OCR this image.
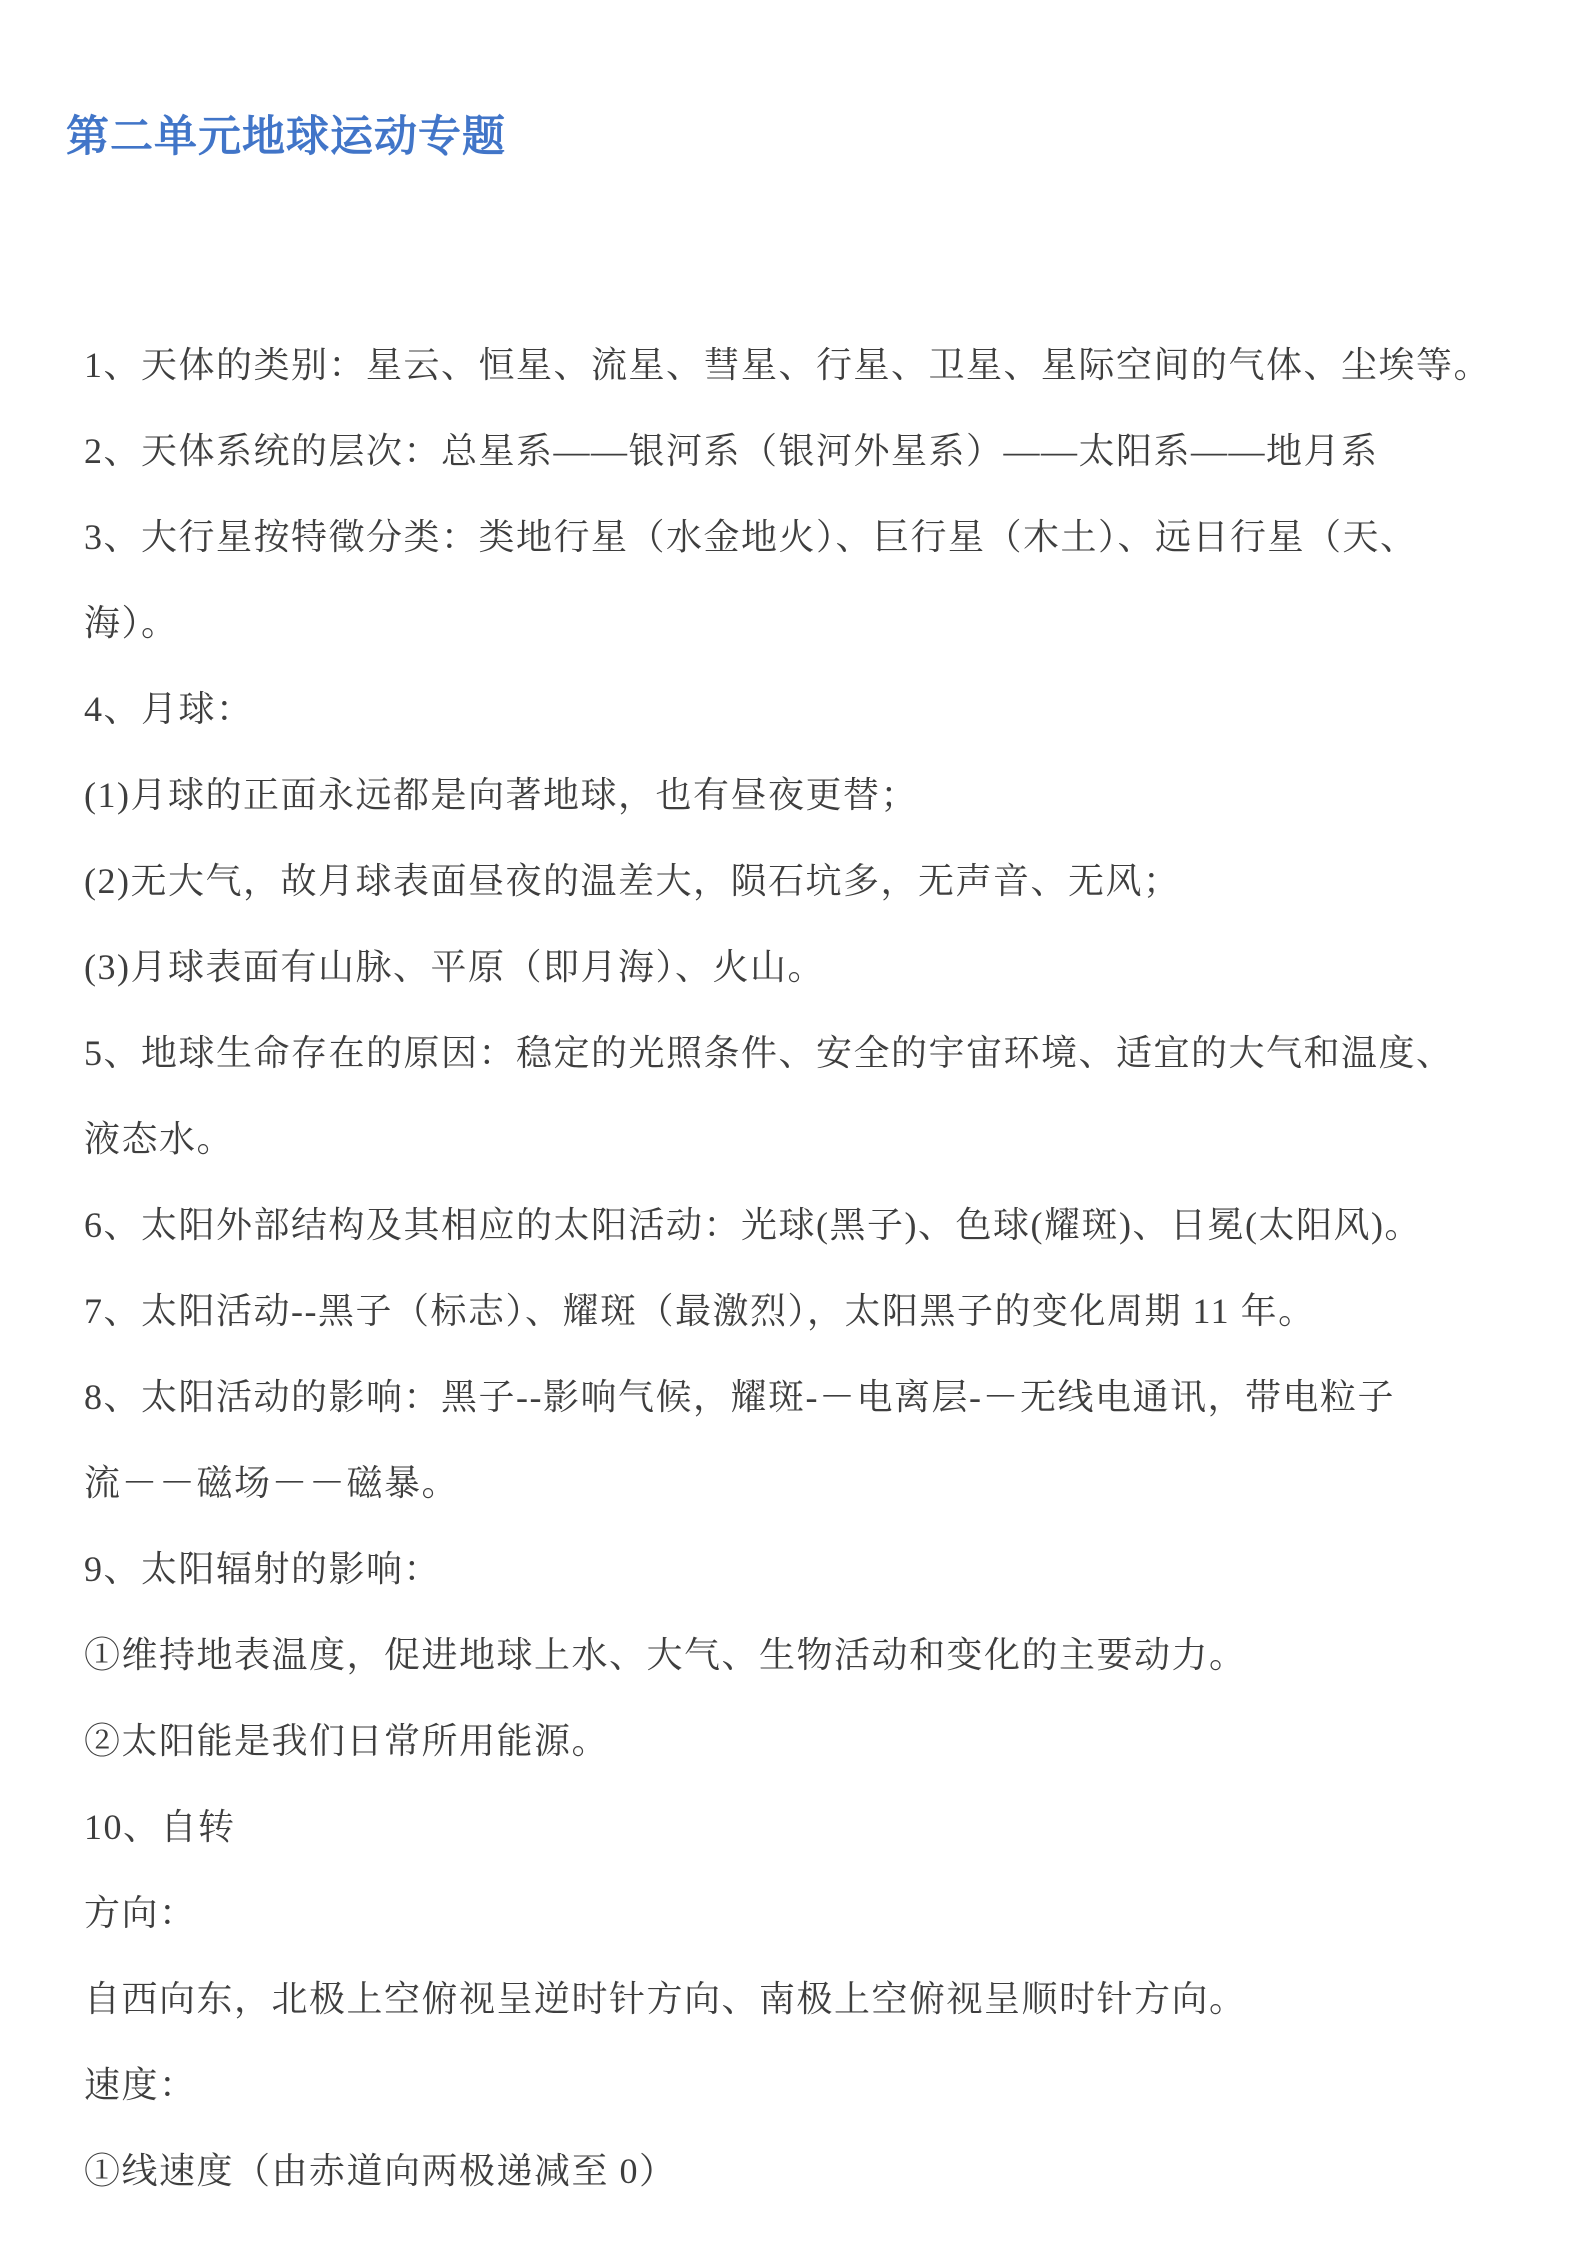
第二单元地球运动专题
1、天体的类别：星云、恒星、流星、彗星、行星、卫星、星际空间的气体、尘埃等。
2、天体系统的层次：总星系——银河系（银河外星系）——太阳系——地月系
3、大行星按特徵分类：类地行星（水金地火）、巨行星（木土）、远日行星（天、
海）。
4、月球：
(1)月球的正面永远都是向著地球，也有昼夜更替；
(2)无大气，故月球表面昼夜的温差大，陨石坑多，无声音、无风；
(3)月球表面有山脉、平原（即月海）、火山。
5、地球生命存在的原因：稳定的光照条件、安全的宇宙环境、适宜的大气和温度、
液态水。
6、太阳外部结构及其相应的太阳活动：光球(黑子)、色球(耀斑)、日冕(太阳风)。
7、太阳活动--黑子（标志）、耀斑（最激烈），太阳黑子的变化周期 11 年。
8、太阳活动的影响：黑子--影响气候，耀斑-－电离层-－无线电通讯，带电粒子
流－－磁场－－磁暴。
9、太阳辐射的影响：
①维持地表温度，促进地球上水、大气、生物活动和变化的主要动力。
②太阳能是我们日常所用能源。
10、自转
方向：
自西向东，北极上空俯视呈逆时针方向、南极上空俯视呈顺时针方向。
速度：
①线速度（由赤道向两极递减至 0）
